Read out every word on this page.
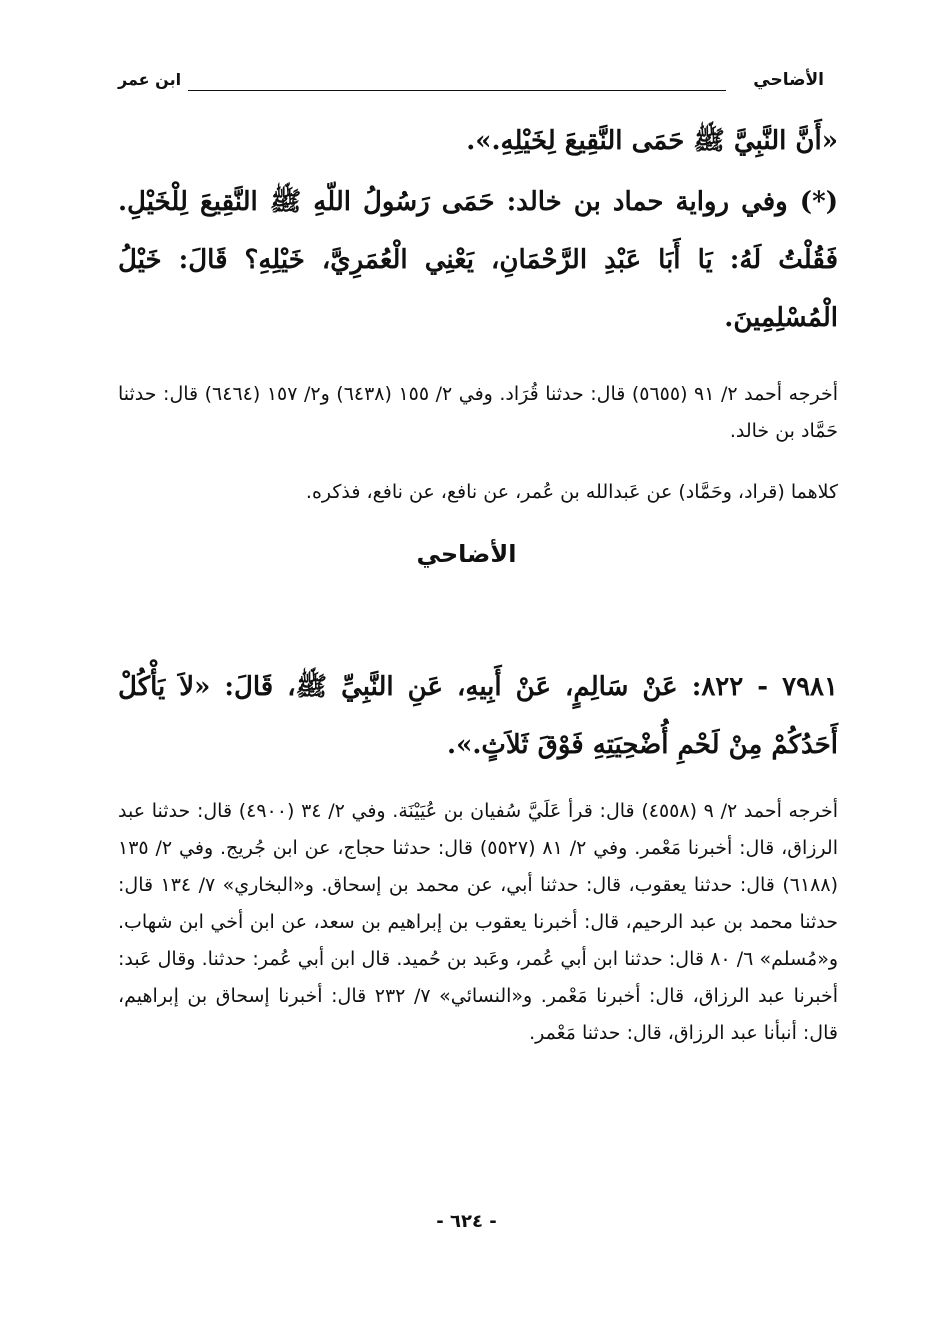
الأضاحي
ابن عمر
«أَنَّ النَّبِيَّ ﷺ حَمَى النَّقِيعَ لِخَيْلِهِ.».
(*) وفي رواية حماد بن خالد: حَمَى رَسُولُ اللّهِ ﷺ النَّقِيعَ لِلْخَيْلِ. فَقُلْتُ لَهُ: يَا أَبَا عَبْدِ الرَّحْمَانِ، يَعْنِي الْعُمَرِيَّ، خَيْلِهِ؟ قَالَ: خَيْلُ الْمُسْلِمِينَ.
أخرجه أحمد ٢/ ٩١ (٥٦٥٥) قال: حدثنا قُرَاد. وفي ٢/ ١٥٥ (٦٤٣٨) و٢/ ١٥٧ (٦٤٦٤) قال: حدثنا حَمَّاد بن خالد.
كلاهما (قراد، وحَمَّاد) عن عَبدالله بن عُمر، عن نافع، عن نافع، فذكره.
الأضاحي
٧٩٨١ - ٨٢٢: عَنْ سَالِمٍ، عَنْ أَبِيهِ، عَنِ النَّبِيِّ ﷺ، قَالَ: «لاَ يَأْكُلْ أَحَدُكُمْ مِنْ لَحْمِ أُضْحِيَتِهِ فَوْقَ ثَلاَثٍ.».
أخرجه أحمد ٢/ ٩ (٤٥٥٨) قال: قرأ عَلَيَّ سُفيان بن عُيَيْنَة. وفي ٢/ ٣٤ (٤٩٠٠) قال: حدثنا عبد الرزاق، قال: أخبرنا مَعْمر. وفي ٢/ ٨١ (٥٥٢٧) قال: حدثنا حجاج، عن ابن جُريج. وفي ٢/ ١٣٥ (٦١٨٨) قال: حدثنا يعقوب، قال: حدثنا أبي، عن محمد بن إسحاق. و«البخاري» ٧/ ١٣٤ قال: حدثنا محمد بن عبد الرحيم، قال: أخبرنا يعقوب بن إبراهيم بن سعد، عن ابن أخي ابن شهاب. و«مُسلم» ٦/ ٨٠ قال: حدثنا ابن أبي عُمر، وعَبد بن حُميد. قال ابن أبي عُمر: حدثنا. وقال عَبد: أخبرنا عبد الرزاق، قال: أخبرنا مَعْمر. و«النسائي» ٧/ ٢٣٢ قال: أخبرنا إسحاق بن إبراهيم، قال: أنبأنا عبد الرزاق، قال: حدثنا مَعْمر.
- ٦٢٤ -
